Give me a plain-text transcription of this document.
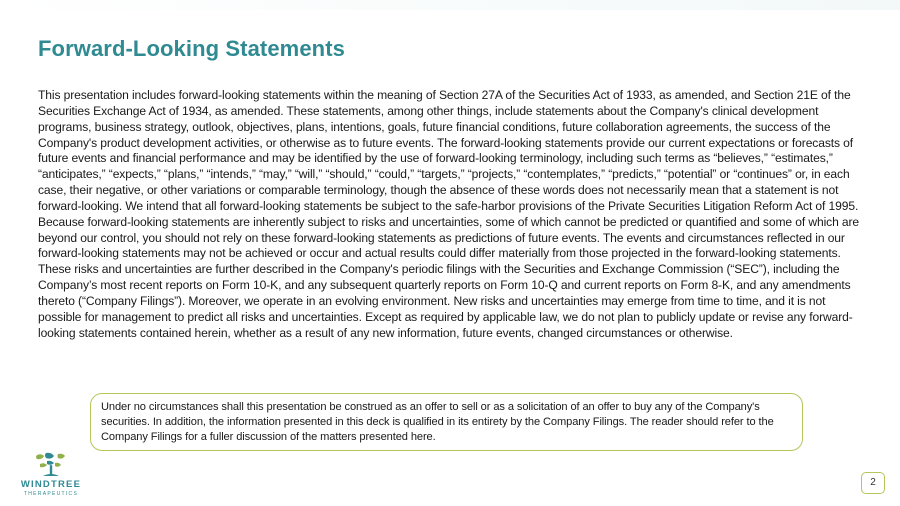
Forward-Looking Statements

This presentation includes forward-looking statements within the meaning of Section 27A of the Securities Act of 1933, as amended, and Section 21E of the Securities Exchange Act of 1934, as amended. These statements, among other things, include statements about the Company's clinical development programs, business strategy, outlook, objectives, plans, intentions, goals, future financial conditions, future collaboration agreements, the success of the Company's product development activities, or otherwise as to future events. The forward-looking statements provide our current expectations or forecasts of future events and financial performance and may be identified by the use of forward-looking terminology, including such terms as “believes,” “estimates,” “anticipates,” “expects,” “plans,” “intends,” “may,” “will,” “should,” “could,” “targets,” “projects,” “contemplates,” “predicts,” “potential” or “continues” or, in each case, their negative, or other variations or comparable terminology, though the absence of these words does not necessarily mean that a statement is not forward-looking. We intend that all forward-looking statements be subject to the safe-harbor provisions of the Private Securities Litigation Reform Act of 1995. Because forward-looking statements are inherently subject to risks and uncertainties, some of which cannot be predicted or quantified and some of which are beyond our control, you should not rely on these forward-looking statements as predictions of future events. The events and circumstances reflected in our forward-looking statements may not be achieved or occur and actual results could differ materially from those projected in the forward-looking statements. These risks and uncertainties are further described in the Company's periodic filings with the Securities and Exchange Commission (“SEC”), including the Company’s most recent reports on Form 10-K, and any subsequent quarterly reports on Form 10-Q and current reports on Form 8-K, and any amendments thereto (“Company Filings”). Moreover, we operate in an evolving environment. New risks and uncertainties may emerge from time to time, and it is not possible for management to predict all risks and uncertainties. Except as required by applicable law, we do not plan to publicly update or revise any forward-looking statements contained herein, whether as a result of any new information, future events, changed circumstances or otherwise.

Under no circumstances shall this presentation be construed as an offer to sell or as a solicitation of an offer to buy any of the Company's securities. In addition, the information presented in this deck is qualified in its entirety by the Company Filings. The reader should refer to the Company Filings for a fuller discussion of the matters presented here.

WINDTREE
THERAPEUTICS
2
